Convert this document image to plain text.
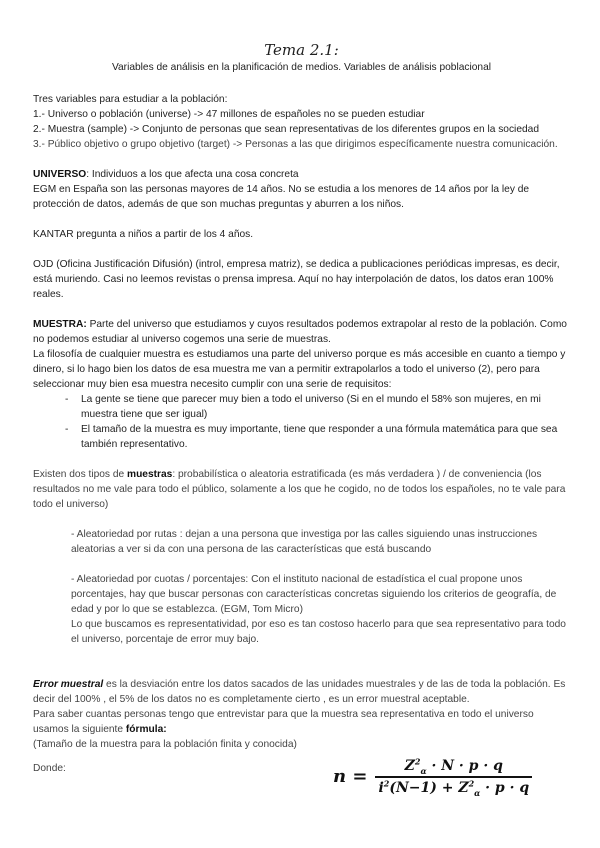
Tema 2.1:

Variables de análisis en la planificación de medios. Variables de análisis poblacional

Tres variables para estudiar a la población:

1.- Universo o población (universe) -> 47 millones de españoles no se pueden estudiar

2.- Muestra (sample) -> Conjunto de personas que sean representativas de los diferentes grupos en la sociedad

3.- Público objetivo o grupo objetivo (target) -> Personas a las que dirigimos específicamente nuestra comunicación.

UNIVERSO: Individuos a los que afecta una cosa concreta

EGM en España son las personas mayores de 14 años. No se estudia a los menores de 14 años por la ley de protección de datos, además de que son muchas preguntas y aburren a los niños.

KANTAR pregunta a niños a partir de los 4 años.

OJD (Oficina Justificación Difusión) (introl, empresa matriz), se dedica a publicaciones periódicas impresas, es decir, está muriendo. Casi no leemos revistas o prensa impresa. Aquí no hay interpolación de datos, los datos eran 100% reales.

MUESTRA: Parte del universo que estudiamos y cuyos resultados podemos extrapolar al resto de la población. Como no podemos estudiar al universo cogemos una serie de muestras.

La filosofía de cualquier muestra es estudiamos una parte del universo porque es más accesible en cuanto a tiempo y dinero, si lo hago bien los datos de esa muestra me van a permitir extrapolarlos a todo el universo (2), pero para seleccionar muy bien esa muestra necesito cumplir con una serie de requisitos:

- La gente se tiene que parecer muy bien a todo el universo (Si en el mundo el 58% son mujeres, en mi muestra tiene que ser igual)
- El tamaño de la muestra es muy importante, tiene que responder a una fórmula matemática para que sea también representativo.

Existen dos tipos de muestras: probabilística o aleatoria estratificada (es más verdadera ) / de conveniencia (los resultados no me vale para todo el público, solamente a los que he cogido, no de todos los españoles, no te vale para todo el universo)

- Aleatoriedad por rutas : dejan a una persona que investiga por las calles siguiendo unas instrucciones aleatorias a ver si da con una persona de las características que está buscando

- Aleatoriedad por cuotas / porcentajes: Con el instituto nacional de estadística el cual propone unos porcentajes, hay que buscar personas con características concretas siguiendo los criterios de geografía, de edad y por lo que se establezca. (EGM, Tom Micro)

Lo que buscamos es representatividad, por eso es tan costoso hacerlo para que sea representativo para todo el universo, porcentaje de error muy bajo.

Error muestral es la desviación entre los datos sacados de las unidades muestrales y de las de toda la población. Es decir del 100% , el 5% de los datos no es completamente cierto , es un error muestral aceptable.

Para saber cuantas personas tengo que entrevistar para que la muestra sea representativa en todo el universo usamos la siguiente fórmula:

(Tamaño de la muestra para la población finita y conocida)

Donde:	$n = \frac{Z^2_\alpha \cdot N \cdot p \cdot q}{i^2(N-1) + Z^2_\alpha \cdot p \cdot q}$
